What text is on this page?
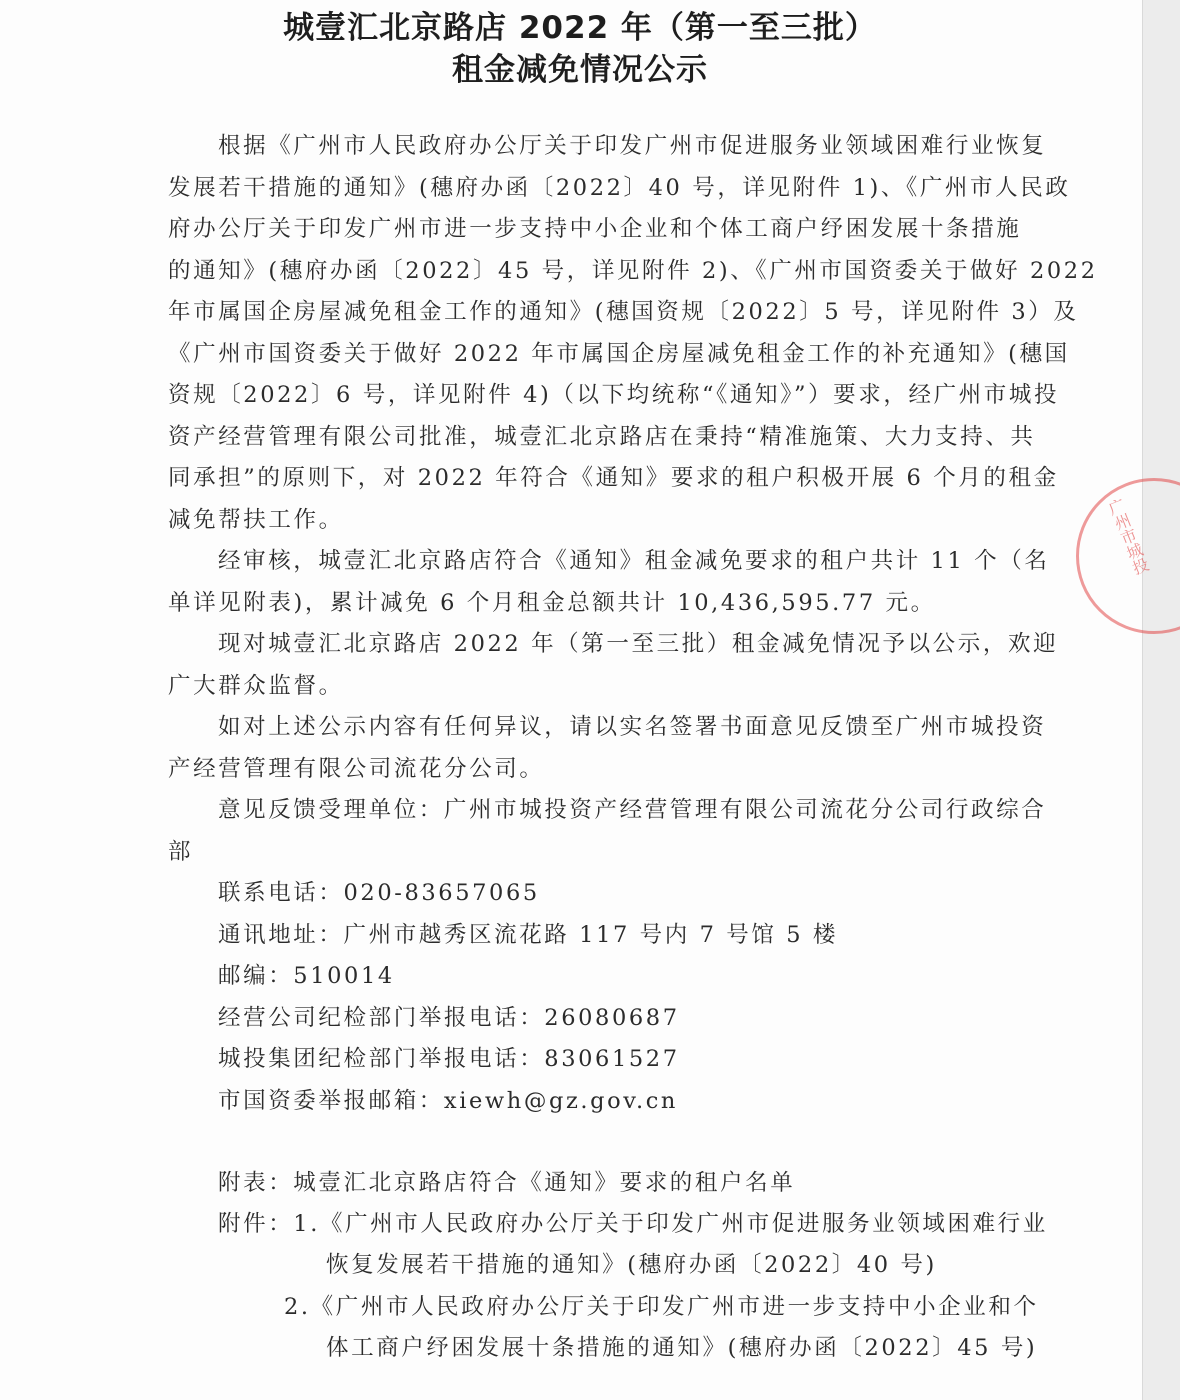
城壹汇北京路店 2022 年（第一至三批）
租金减免情况公示
根据《广州市人民政府办公厅关于印发广州市促进服务业领域困难行业恢复
发展若干措施的通知》(穗府办函〔2022〕40 号，详见附件 1)、《广州市人民政
府办公厅关于印发广州市进一步支持中小企业和个体工商户纾困发展十条措施
的通知》(穗府办函〔2022〕45 号，详见附件 2)、《广州市国资委关于做好 2022
年市属国企房屋减免租金工作的通知》(穗国资规〔2022〕5 号，详见附件 3）及
《广州市国资委关于做好 2022 年市属国企房屋减免租金工作的补充通知》(穗国
资规〔2022〕6 号，详见附件 4)（以下均统称“《通知》”）要求，经广州市城投
资产经营管理有限公司批准，城壹汇北京路店在秉持“精准施策、大力支持、共
同承担”的原则下，对 2022 年符合《通知》要求的租户积极开展 6 个月的租金
减免帮扶工作。
经审核，城壹汇北京路店符合《通知》租金减免要求的租户共计 11 个（名
单详见附表)，累计减免 6 个月租金总额共计 10,436,595.77 元。
现对城壹汇北京路店 2022 年（第一至三批）租金减免情况予以公示，欢迎
广大群众监督。
如对上述公示内容有任何异议，请以实名签署书面意见反馈至广州市城投资
产经营管理有限公司流花分公司。
意见反馈受理单位：广州市城投资产经营管理有限公司流花分公司行政综合
部
联系电话：020-83657065
通讯地址：广州市越秀区流花路 117 号内 7 号馆 5 楼
邮编：510014
经营公司纪检部门举报电话：26080687
城投集团纪检部门举报电话：83061527
市国资委举报邮箱：xiewh@gz.gov.cn
附表：城壹汇北京路店符合《通知》要求的租户名单
附件：1.《广州市人民政府办公厅关于印发广州市促进服务业领域困难行业
恢复发展若干措施的通知》(穗府办函〔2022〕40 号)
2.《广州市人民政府办公厅关于印发广州市进一步支持中小企业和个
体工商户纾困发展十条措施的通知》(穗府办函〔2022〕45 号)
广州市城投
